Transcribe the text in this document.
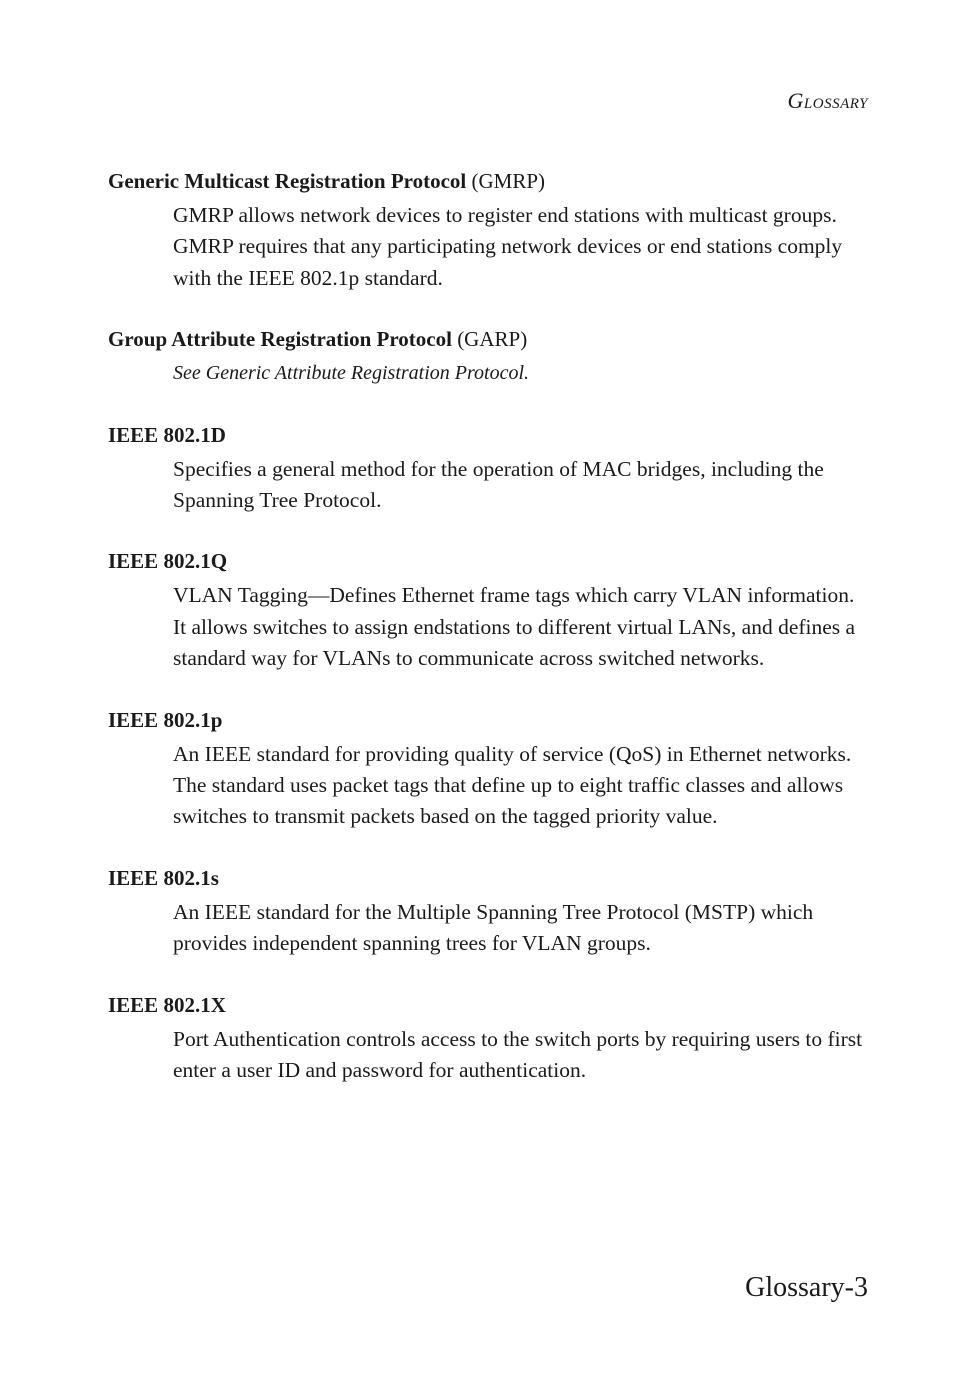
Glossary
Generic Multicast Registration Protocol (GMRP)

GMRP allows network devices to register end stations with multicast groups. GMRP requires that any participating network devices or end stations comply with the IEEE 802.1p standard.

Group Attribute Registration Protocol (GARP)

See Generic Attribute Registration Protocol.

IEEE 802.1D

Specifies a general method for the operation of MAC bridges, including the Spanning Tree Protocol.

IEEE 802.1Q

VLAN Tagging—Defines Ethernet frame tags which carry VLAN information. It allows switches to assign endstations to different virtual LANs, and defines a standard way for VLANs to communicate across switched networks.

IEEE 802.1p

An IEEE standard for providing quality of service (QoS) in Ethernet networks. The standard uses packet tags that define up to eight traffic classes and allows switches to transmit packets based on the tagged priority value.

IEEE 802.1s

An IEEE standard for the Multiple Spanning Tree Protocol (MSTP) which provides independent spanning trees for VLAN groups.

IEEE 802.1X

Port Authentication controls access to the switch ports by requiring users to first enter a user ID and password for authentication.

Glossary-3
